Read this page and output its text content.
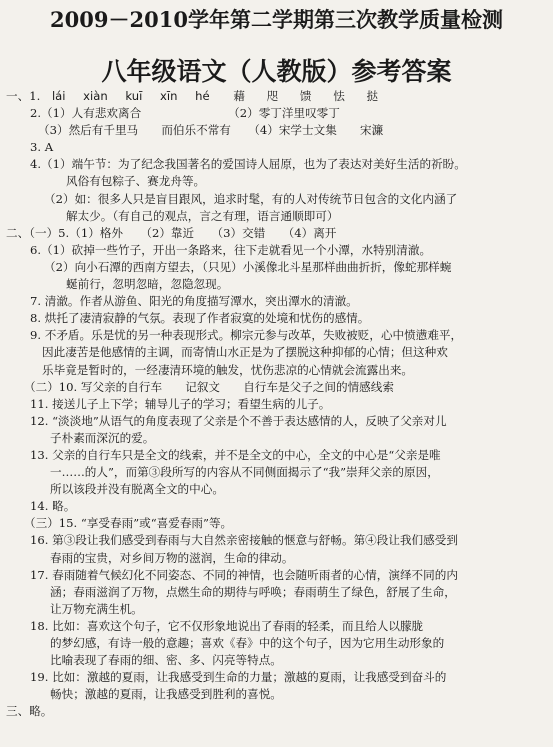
2009－2010学年第二学期第三次教学质量检测
八年级语文（人教版）参考答案
一、1. lái xiàn kuī xīn hé 藉 咫 馈 怯 挞
2.（1）人有悲欢离合　　　　　　　　（2）零丁洋里叹零丁
（3）然后有千里马　　而伯乐不常有　　（4）宋学士文集　　宋濂
3. A
4.（1）端午节：为了纪念我国著名的爱国诗人屈原，也为了表达对美好生活的祈盼。
风俗有包粽子、赛龙舟等。
（2）如：很多人只是盲目跟风，追求时髦，有的人对传统节日包含的文化内涵了
解太少。（有自己的观点，言之有理，语言通顺即可）
二、（一）5.（1）格外　　（2）靠近　　（3）交错　　（4）离开
6.（1）砍掉一些竹子，开出一条路来，往下走就看见一个小潭，水特别清澈。
（2）向小石潭的西南方望去，（只见）小溪像北斗星那样曲曲折折，像蛇那样蜿
蜒前行，忽明忽暗，忽隐忽现。
7. 清澈。作者从游鱼、阳光的角度描写潭水，突出潭水的清澈。
8. 烘托了凄清寂静的气氛。表现了作者寂寞的处境和忧伤的感情。
9. 不矛盾。乐是忧的另一种表现形式。柳宗元参与改革，失败被贬，心中愤懑难平，
因此凄苦是他感情的主调，而寄情山水正是为了摆脱这种抑郁的心情；但这种欢
乐毕竟是暂时的，一经凄清环境的触发，忧伤悲凉的心情就会流露出来。
（二）10. 写父亲的自行车　　记叙文　　自行车是父子之间的情感线索
11. 接送儿子上下学；辅导儿子的学习；看望生病的儿子。
12. “淡淡地”从语气的角度表现了父亲是个不善于表达感情的人，反映了父亲对儿
子朴素而深沉的爱。
13. 父亲的自行车只是全文的线索，并不是全文的中心，全文的中心是“父亲是唯
一……的人”，而第③段所写的内容从不同侧面揭示了“我”崇拜父亲的原因，
所以该段并没有脱离全文的中心。
14. 略。
（三）15. “享受春雨”或“喜爱春雨”等。
16. 第③段让我们感受到春雨与大自然亲密接触的惬意与舒畅。第④段让我们感受到
春雨的宝贵，对乡间万物的滋润，生命的律动。
17. 春雨随着气候幻化不同姿态、不同的神情，也会随听雨者的心情，演绎不同的内
涵；春雨滋润了万物，点燃生命的期待与呼唤；春雨萌生了绿色，舒展了生命，
让万物充满生机。
18. 比如：喜欢这个句子，它不仅形象地说出了春雨的轻柔，而且给人以朦胧
的梦幻感，有诗一般的意趣；喜欢《春》中的这个句子，因为它用生动形象的
比喻表现了春雨的细、密、多、闪亮等特点。
19. 比如：激越的夏雨，让我感受到生命的力量；激越的夏雨，让我感受到奋斗的
畅快；激越的夏雨，让我感受到胜利的喜悦。
三、略。
